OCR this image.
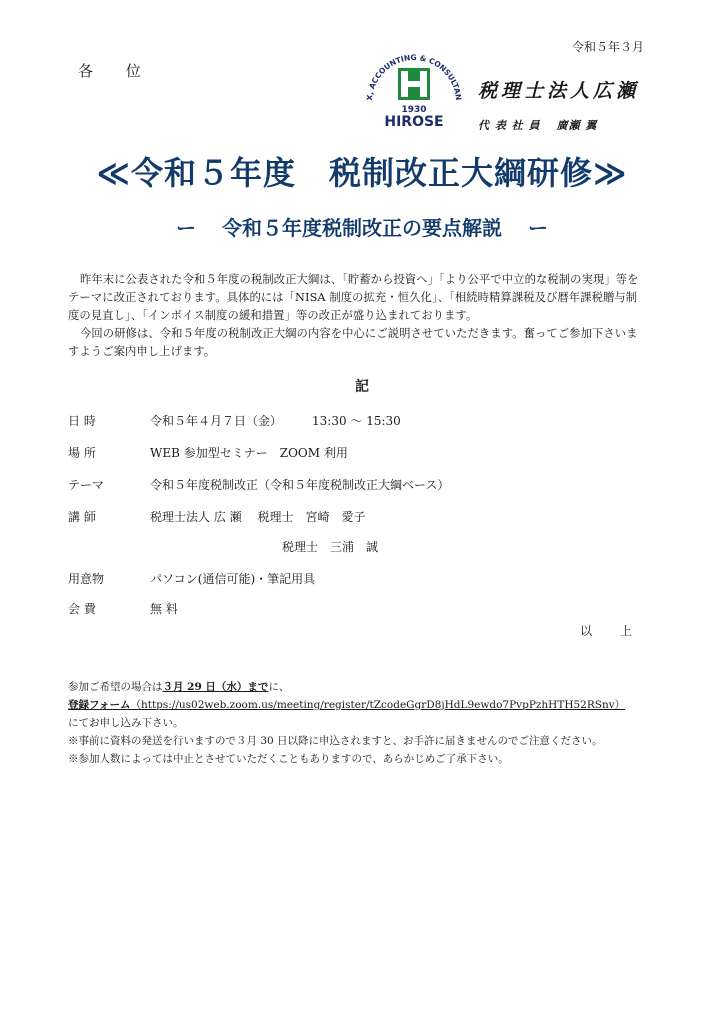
令和５年３月
各 位
X, ACCOUNTING & CONSULTAN
1930
HIROSE
税理士法人広瀬
代 表 社 員 廣瀬 翼
≪令和５年度　税制改正大綱研修≫
ー 令和５年度税制改正の要点解説 ー

昨年末に公表された令和５年度の税制改正大綱は、「貯蓄から投資へ」「より公平で中立的な税制の実現」等をテーマに改正されております。具体的には「NISA 制度の拡充・恒久化」、「相続時精算課税及び暦年課税贈与制度の見直し」、「インボイス制度の緩和措置」等の改正が盛り込まれております。

今回の研修は、令和５年度の税制改正大綱の内容を中心にご説明させていただきます。奮ってご参加下さいますようご案内申し上げます。

記
日 時	令和５年４月７日（金）　　　13:30 ～ 15:30
場 所	WEB 参加型セミナー　ZOOM 利用
テーマ	令和５年度税制改正（令和５年度税制改正大綱ベース）
講 師	税理士法人 広 瀬　 税理士　宮崎　愛子
税理士　三浦　誠
用意物	パソコン(通信可能)・筆記用具
会 費	無 料
以 上
参加ご希望の場合は３月 29 日（水）までに、
登録フォーム（https://us02web.zoom.us/meeting/register/tZcodeGgrD8jHdL9ewdo7PvpPzhHTH52RSnv）
にてお申し込み下さい。
※事前に資料の発送を行いますので３月 30 日以降に申込されますと、お手許に届きませんのでご注意ください。
※参加人数によっては中止とさせていただくこともありますので、あらかじめご了承下さい。
